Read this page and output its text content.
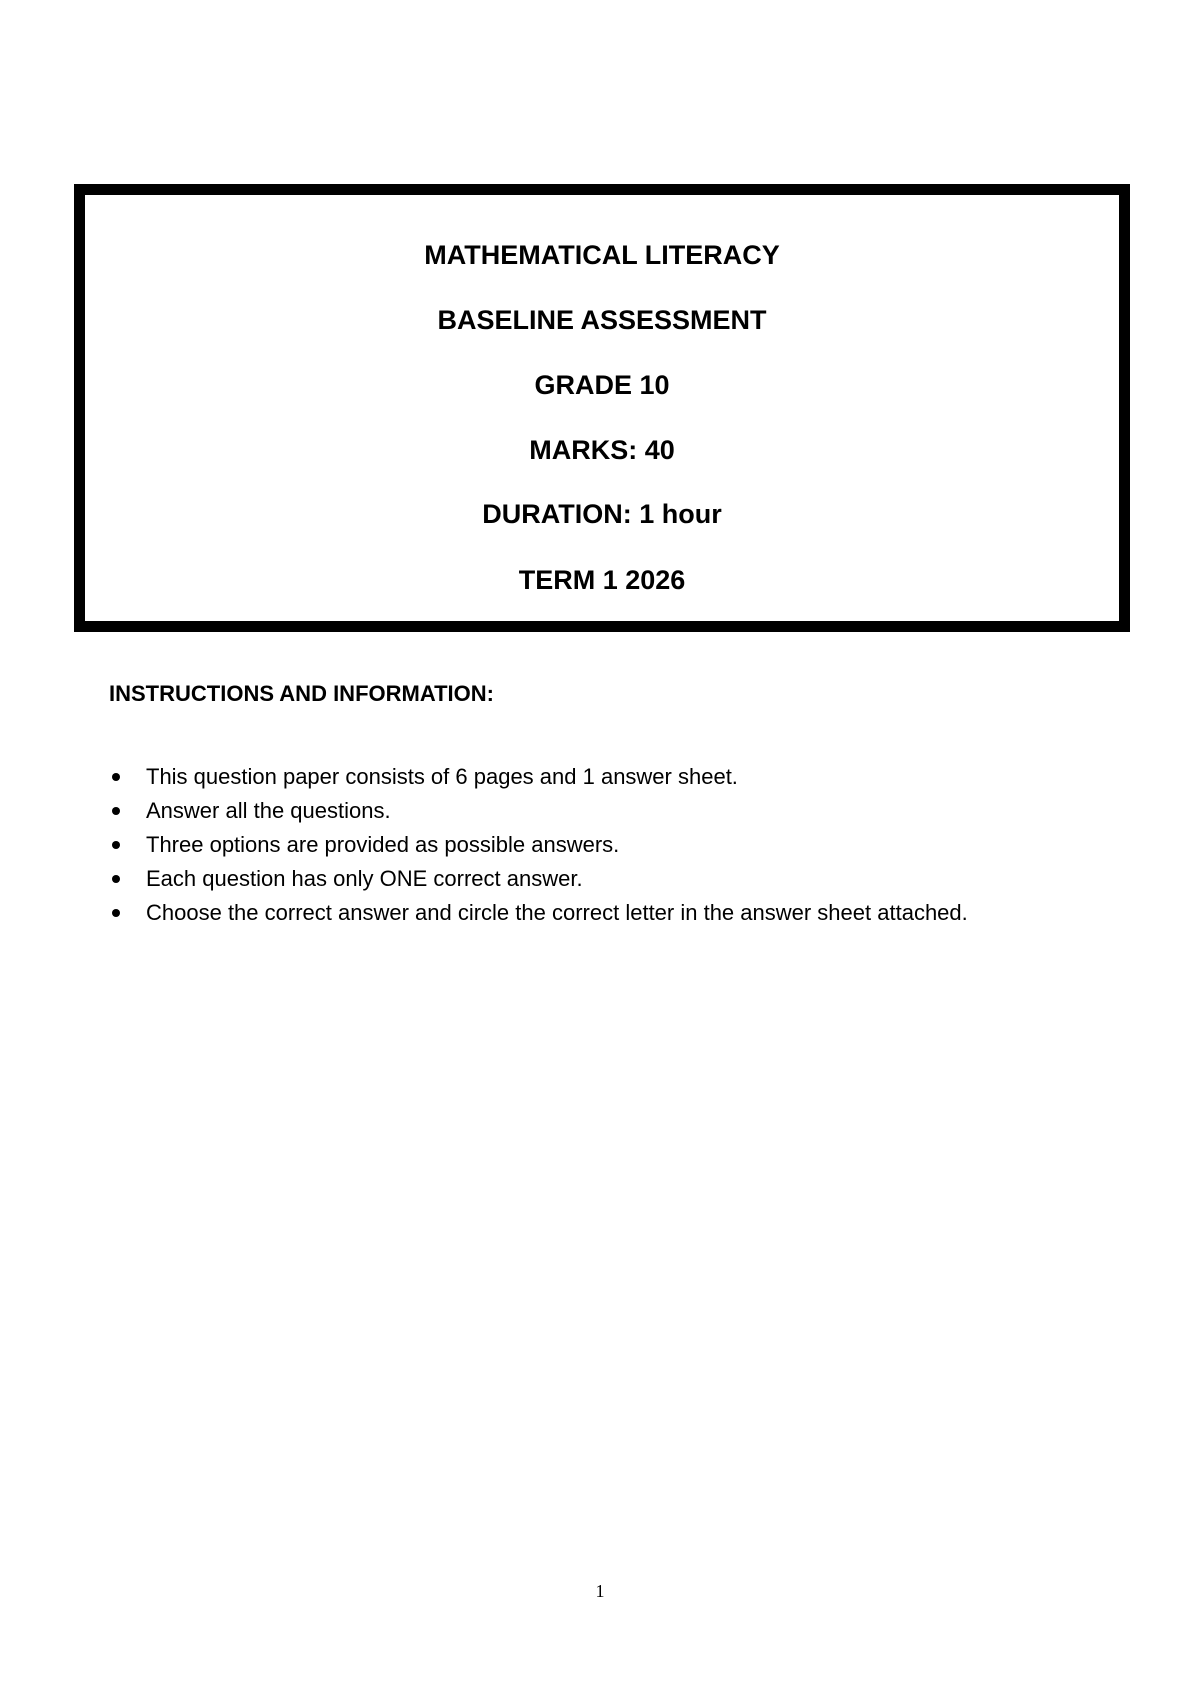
MATHEMATICAL LITERACY

BASELINE ASSESSMENT

GRADE 10

MARKS: 40

DURATION: 1 hour

TERM 1 2026

INSTRUCTIONS AND INFORMATION:

This question paper consists of 6 pages and 1 answer sheet.
Answer all the questions.
Three options are provided as possible answers.
Each question has only ONE correct answer.
Choose the correct answer and circle the correct letter in the answer sheet attached.

1
